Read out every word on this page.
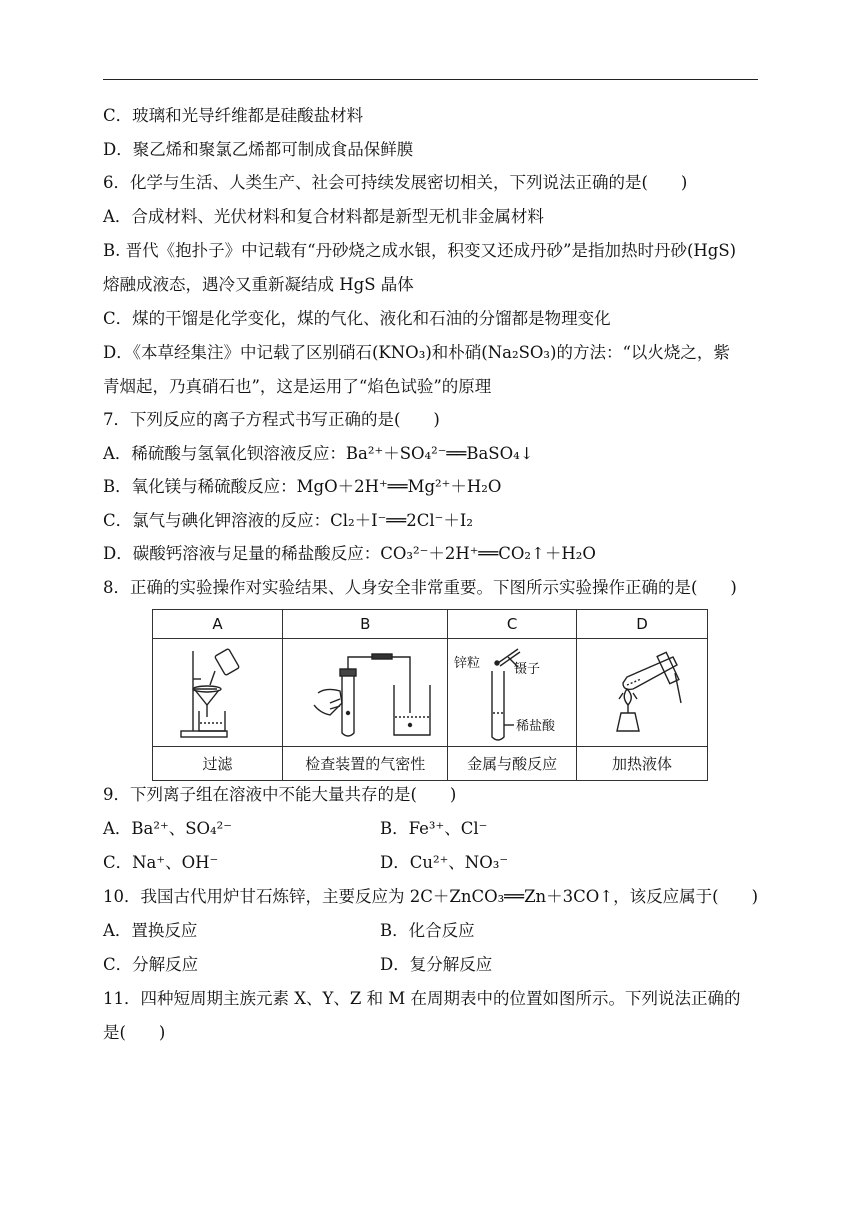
C．玻璃和光导纤维都是硅酸盐材料
D．聚乙烯和聚氯乙烯都可制成食品保鲜膜
6．化学与生活、人类生产、社会可持续发展密切相关，下列说法正确的是(　　)
A．合成材料、光伏材料和复合材料都是新型无机非金属材料
B. 晋代《抱扑子》中记载有“丹砂烧之成水银，积变又还成丹砂”是指加热时丹砂(HgS)
熔融成液态，遇冷又重新凝结成 HgS 晶体
C．煤的干馏是化学变化，煤的气化、液化和石油的分馏都是物理变化
D．《本草经集注》中记载了区别硝石(KNO₃)和朴硝(Na₂SO₃)的方法：“以火烧之，紫
青烟起，乃真硝石也”，这是运用了“焰色试验”的原理
7．下列反应的离子方程式书写正确的是(　　)
A．稀硫酸与氢氧化钡溶液反应：Ba²⁺＋SO₄²⁻══BaSO₄↓
B．氧化镁与稀硫酸反应：MgO＋2H⁺══Mg²⁺＋H₂O
C．氯气与碘化钾溶液的反应：Cl₂＋I⁻══2Cl⁻＋I₂
D．碳酸钙溶液与足量的稀盐酸反应：CO₃²⁻＋2H⁺══CO₂↑＋H₂O
8．正确的实验操作对实验结果、人身安全非常重要。下图所示实验操作正确的是(　　)
A	B	C	D

锌粒 镊子
稀盐酸

过滤	检查装置的气密性	金属与酸反应	加热液体
9．下列离子组在溶液中不能大量共存的是(　　)
A．Ba²⁺、SO₄²⁻	B．Fe³⁺、Cl⁻
C．Na⁺、OH⁻	D．Cu²⁺、NO₃⁻
10．我国古代用炉甘石炼锌，主要反应为 2C＋ZnCO₃══Zn＋3CO↑，该反应属于(　　)
A．置换反应	B．化合反应
C．分解反应	D．复分解反应
11．四种短周期主族元素 X、Y、Z 和 M 在周期表中的位置如图所示。下列说法正确的
是(　　)
